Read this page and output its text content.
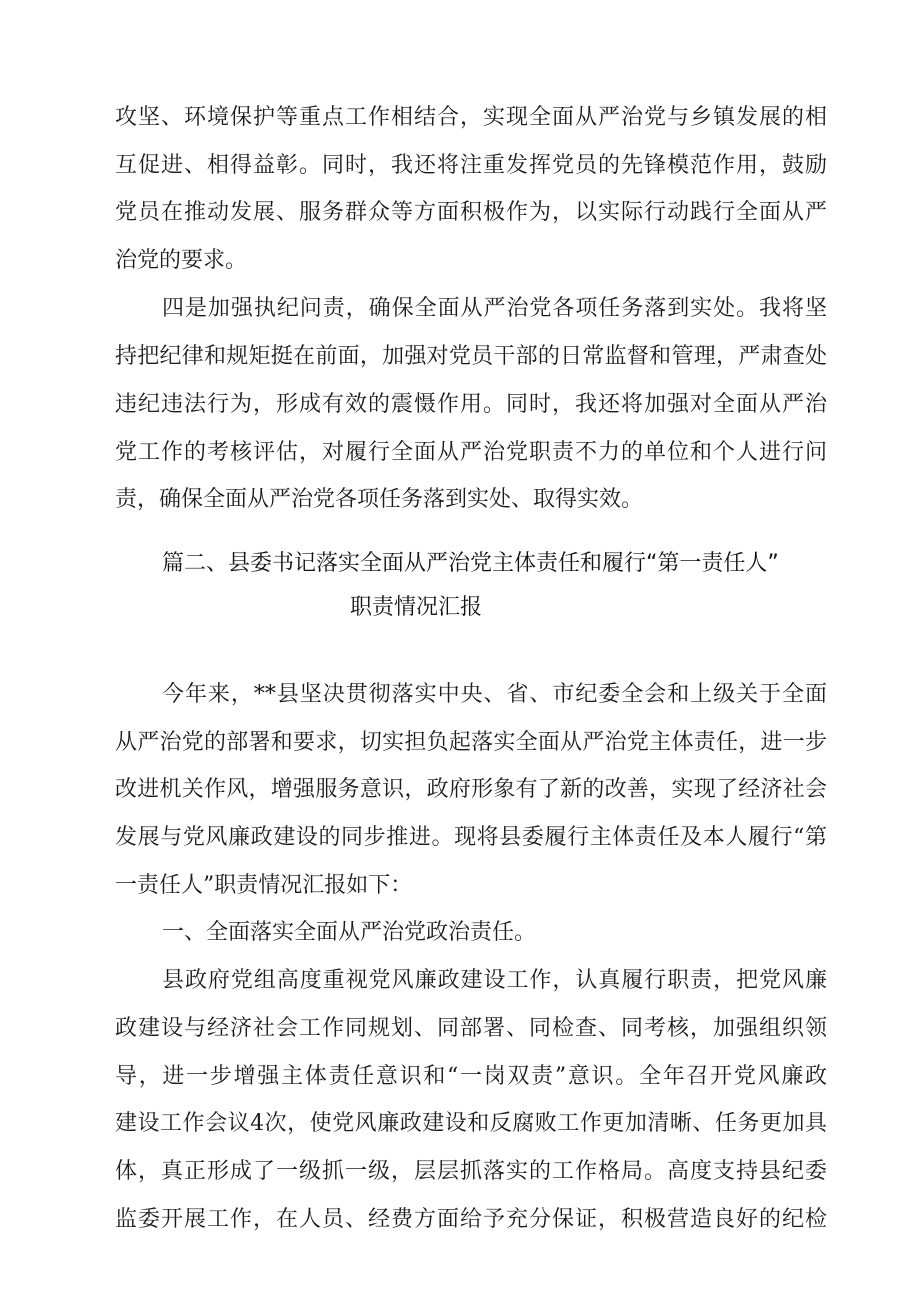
攻坚、环境保护等重点工作相结合，实现全面从严治党与乡镇发展的相
互促进、相得益彰。同时，我还将注重发挥党员的先锋模范作用，鼓励
党员在推动发展、服务群众等方面积极作为，以实际行动践行全面从严
治党的要求。
四是加强执纪问责，确保全面从严治党各项任务落到实处。我将坚
持把纪律和规矩挺在前面，加强对党员干部的日常监督和管理，严肃查处
违纪违法行为，形成有效的震慑作用。同时，我还将加强对全面从严治
党工作的考核评估，对履行全面从严治党职责不力的单位和个人进行问
责，确保全面从严治党各项任务落到实处、取得实效。
篇二、县委书记落实全面从严治党主体责任和履行“第一责任人”
职责情况汇报
今年来，**县坚决贯彻落实中央、省、市纪委全会和上级关于全面
从严治党的部署和要求，切实担负起落实全面从严治党主体责任，进一步
改进机关作风，增强服务意识，政府形象有了新的改善，实现了经济社会
发展与党风廉政建设的同步推进。现将县委履行主体责任及本人履行“第
一责任人”职责情况汇报如下：
一、全面落实全面从严治党政治责任。
县政府党组高度重视党风廉政建设工作，认真履行职责，把党风廉
政建设与经济社会工作同规划、同部署、同检查、同考核，加强组织领
导，进一步增强主体责任意识和“一岗双责”意识。全年召开党风廉政
建设工作会议4次，使党风廉政建设和反腐败工作更加清晰、任务更加具
体，真正形成了一级抓一级，层层抓落实的工作格局。高度支持县纪委
监委开展工作，在人员、经费方面给予充分保证，积极营造良好的纪检
